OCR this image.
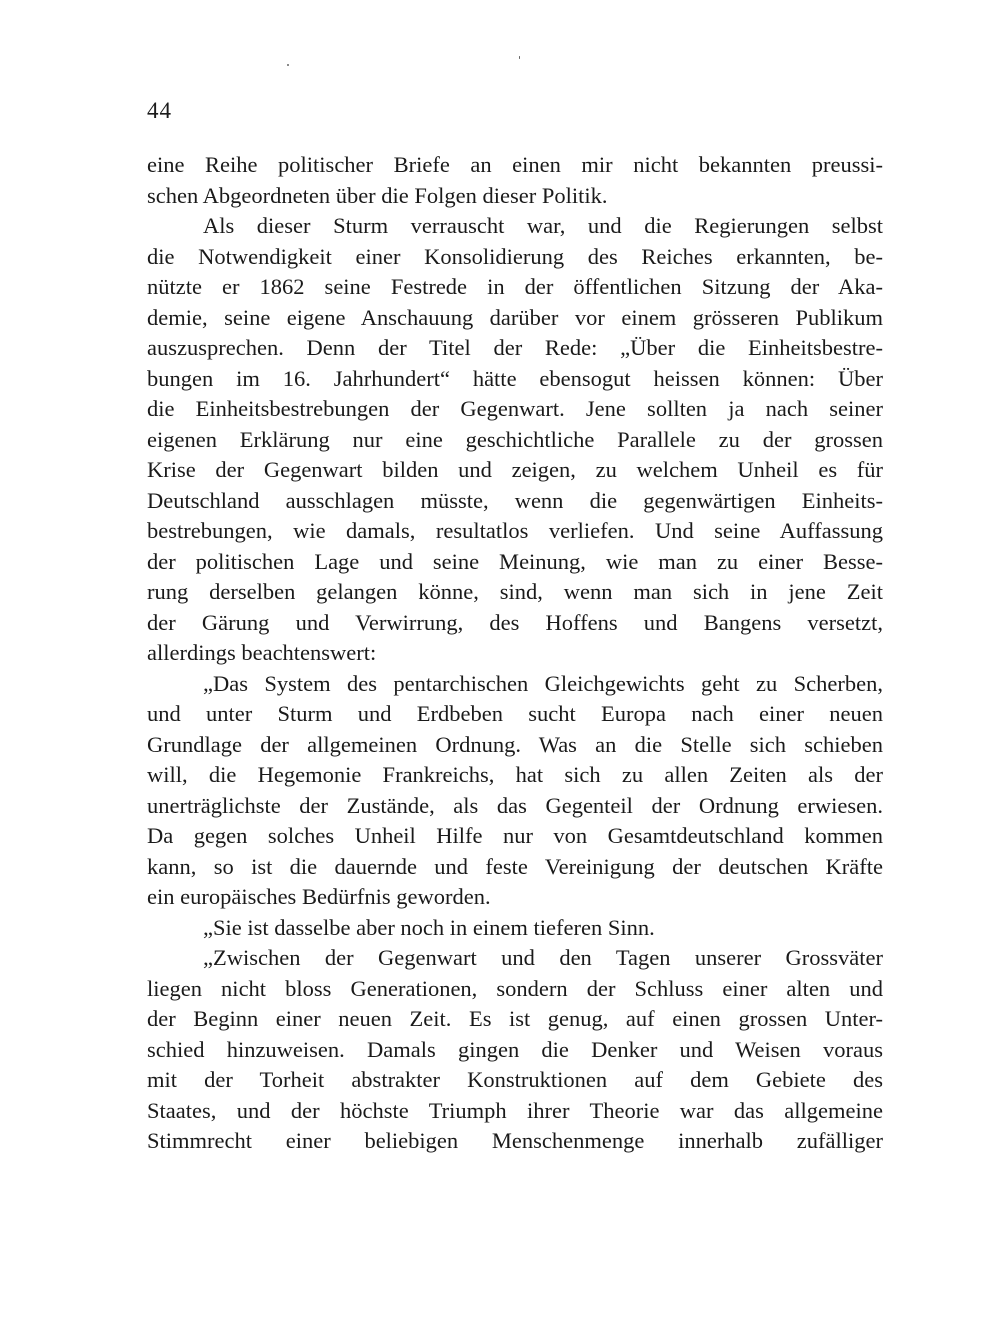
44
eine Reihe politischer Briefe an einen mir nicht bekannten preussi-
schen Abgeordneten über die Folgen dieser Politik.
Als dieser Sturm verrauscht war, und die Regierungen selbst
die Notwendigkeit einer Konsolidierung des Reiches erkannten, be-
nützte er 1862 seine Festrede in der öffentlichen Sitzung der Aka-
demie, seine eigene Anschauung darüber vor einem grösseren Publikum
auszusprechen. Denn der Titel der Rede: „Über die Einheitsbestre-
bungen im 16. Jahrhundert“ hätte ebensogut heissen können: Über
die Einheitsbestrebungen der Gegenwart. Jene sollten ja nach seiner
eigenen Erklärung nur eine geschichtliche Parallele zu der grossen
Krise der Gegenwart bilden und zeigen, zu welchem Unheil es für
Deutschland ausschlagen müsste, wenn die gegenwärtigen Einheits-
bestrebungen, wie damals, resultatlos verliefen. Und seine Auffassung
der politischen Lage und seine Meinung, wie man zu einer Besse-
rung derselben gelangen könne, sind, wenn man sich in jene Zeit
der Gärung und Verwirrung, des Hoffens und Bangens versetzt,
allerdings beachtenswert:
„Das System des pentarchischen Gleichgewichts geht zu Scherben,
und unter Sturm und Erdbeben sucht Europa nach einer neuen
Grundlage der allgemeinen Ordnung. Was an die Stelle sich schieben
will, die Hegemonie Frankreichs, hat sich zu allen Zeiten als der
unerträglichste der Zustände, als das Gegenteil der Ordnung erwiesen.
Da gegen solches Unheil Hilfe nur von Gesamtdeutschland kommen
kann, so ist die dauernde und feste Vereinigung der deutschen Kräfte
ein europäisches Bedürfnis geworden.
„Sie ist dasselbe aber noch in einem tieferen Sinn.
„Zwischen der Gegenwart und den Tagen unserer Grossväter
liegen nicht bloss Generationen, sondern der Schluss einer alten und
der Beginn einer neuen Zeit. Es ist genug, auf einen grossen Unter-
schied hinzuweisen. Damals gingen die Denker und Weisen voraus
mit der Torheit abstrakter Konstruktionen auf dem Gebiete des
Staates, und der höchste Triumph ihrer Theorie war das allgemeine
Stimmrecht einer beliebigen Menschenmenge innerhalb zufälliger
